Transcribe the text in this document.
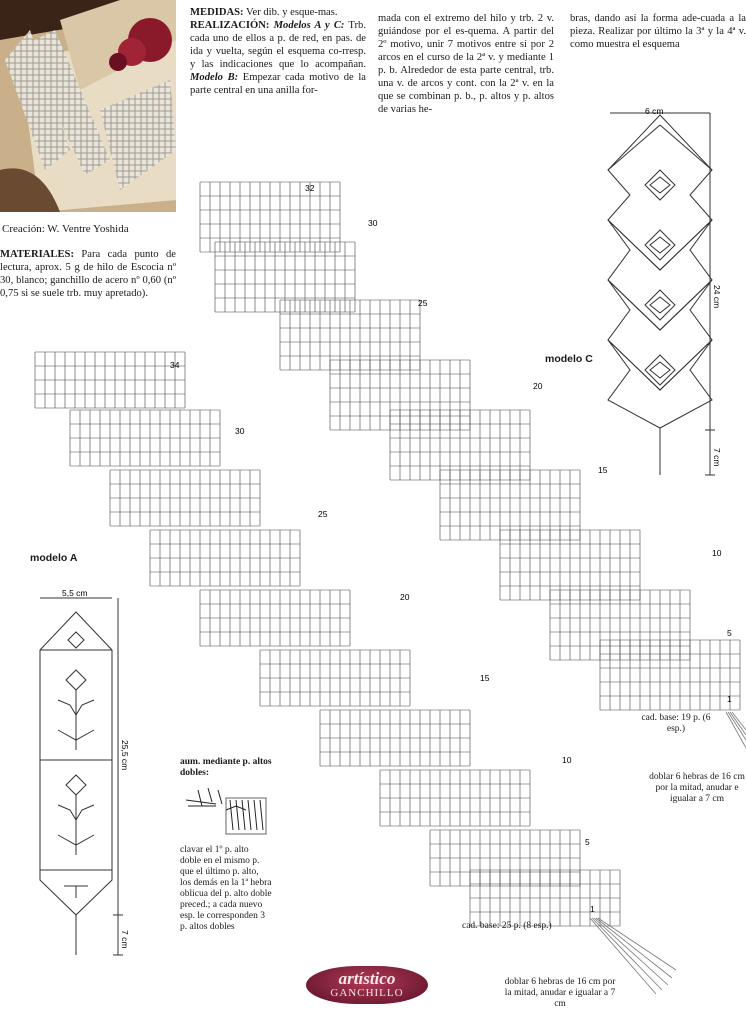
Creación: W. Ventre Yoshida
MATERIALES: Para cada punto de lectura, aprox. 5 g de hilo de Escocia nº 30, blanco; ganchillo de acero nº 0,60 (nº 0,75 si se suele trb. muy apretado).
MEDIDAS: Ver dib. y esque-mas.
REALIZACIÓN: Modelos A y C: Trb. cada uno de ellos a p. de red, en pas. de ida y vuelta, según el esquema co-rresp. y las indicaciones que lo acompañan. Modelo B: Empezar cada motivo de la parte central en una anilla for-
mada con el extremo del hilo y trb. 2 v. guiándose por el es-quema. A partir del 2º motivo, unir 7 motivos entre sí por 2 arcos en el curso de la 2ª v. y mediante 1 p. b. Alrededor de esta parte central, trb. una v. de arcos y cont. con la 2ª v. en la que se combinan p. b., p. altos y p. altos de varias he-
bras, dando así la forma ade-cuada a la pieza. Realizar por último la 3ª y la 4ª v. como muestra el esquema
32
30
25
20
15
10
5
1
34
30
25
20
15
10
5
1
6 cm
24 cm
7 cm
5,5 cm
25,5 cm
7 cm
modelo C
modelo A
cad. base: 19 p. (6 esp.)
doblar 6 hebras de 16 cm por la mitad, anudar e igualar a 7 cm
cad. base: 25 p. (8 esp.)
doblar 6 hebras de 16 cm por la mitad, anudar e igualar a 7 cm
aum. mediante p. altos dobles:
clavar el 1º p. alto doble en el mismo p. que el último p. alto, los demás en la 1ª hebra oblicua del p. alto doble preced.; a cada nuevo esp. le corresponden 3 p. altos dobles
artístico
GANCHILLO
